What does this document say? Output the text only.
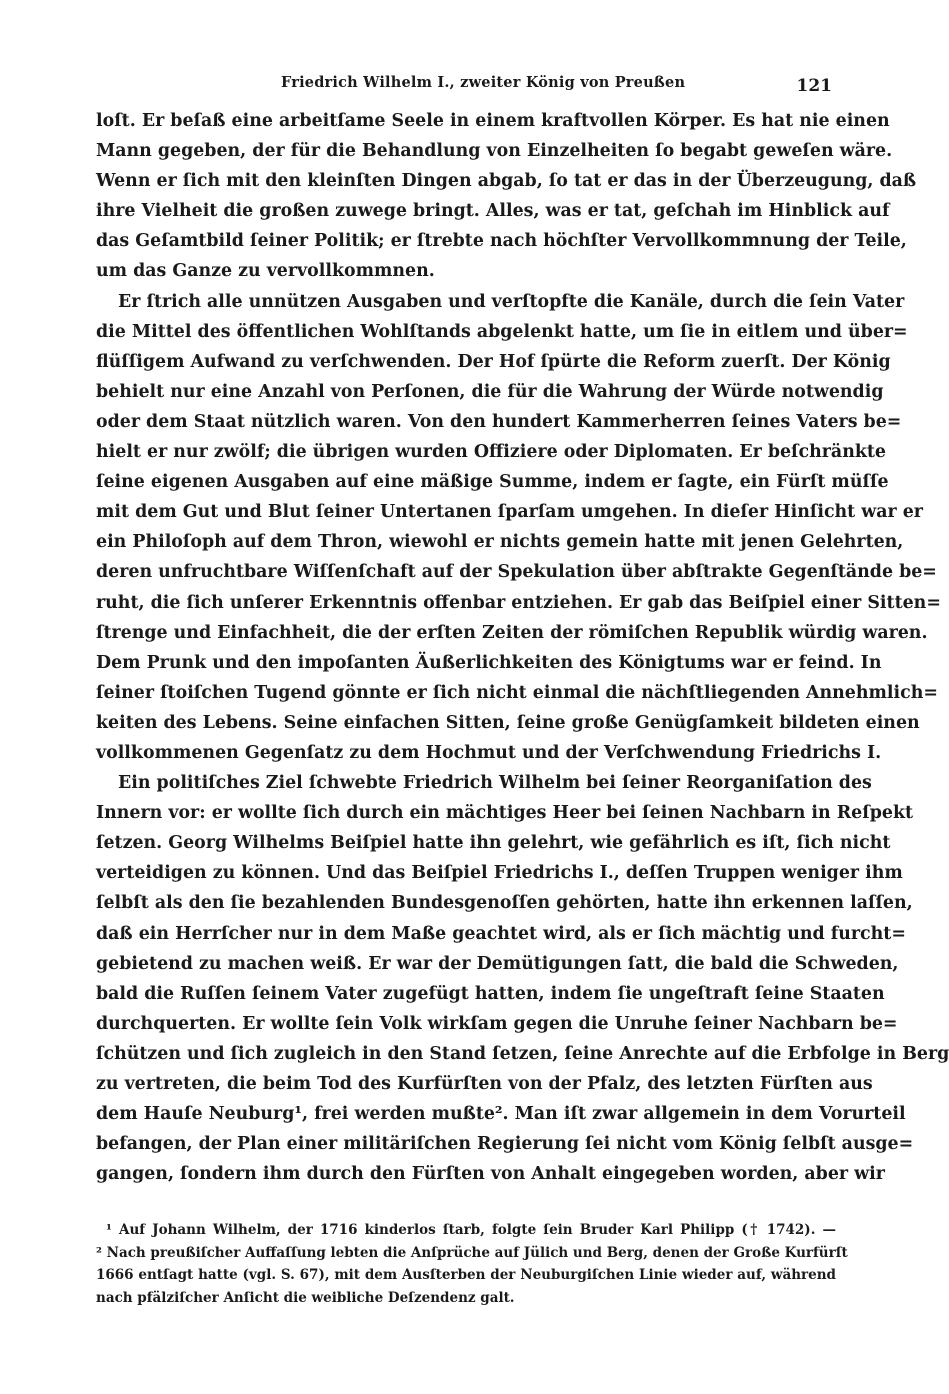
Friedrich Wilhelm I., zweiter König von Preußen	121
loſt. Er beſaß eine arbeitſame Seele in einem kraftvollen Körper. Es hat nie einen
Mann gegeben, der für die Behandlung von Einzelheiten ſo begabt geweſen wäre.
Wenn er ſich mit den kleinſten Dingen abgab, ſo tat er das in der Überzeugung, daß
ihre Vielheit die großen zuwege bringt. Alles, was er tat, geſchah im Hinblick auf
das Geſamtbild ſeiner Politik; er ſtrebte nach höchſter Vervollkommnung der Teile,
um das Ganze zu vervollkommnen.
Er ſtrich alle unnützen Ausgaben und verſtopfte die Kanäle, durch die ſein Vater
die Mittel des öffentlichen Wohlſtands abgelenkt hatte, um ſie in eitlem und über=
flüſſigem Aufwand zu verſchwenden. Der Hof ſpürte die Reform zuerſt. Der König
behielt nur eine Anzahl von Perſonen, die für die Wahrung der Würde notwendig
oder dem Staat nützlich waren. Von den hundert Kammerherren ſeines Vaters be=
hielt er nur zwölf; die übrigen wurden Offiziere oder Diplomaten. Er beſchränkte
ſeine eigenen Ausgaben auf eine mäßige Summe, indem er ſagte, ein Fürſt müſſe
mit dem Gut und Blut ſeiner Untertanen ſparſam umgehen. In dieſer Hinſicht war er
ein Philoſoph auf dem Thron, wiewohl er nichts gemein hatte mit jenen Gelehrten,
deren unfruchtbare Wiſſenſchaft auf der Spekulation über abſtrakte Gegenſtände be=
ruht, die ſich unſerer Erkenntnis offenbar entziehen. Er gab das Beiſpiel einer Sitten=
ſtrenge und Einfachheit, die der erſten Zeiten der römiſchen Republik würdig waren.
Dem Prunk und den impoſanten Äußerlichkeiten des Königtums war er feind. In
ſeiner ſtoiſchen Tugend gönnte er ſich nicht einmal die nächſtliegenden Annehmlich=
keiten des Lebens. Seine einfachen Sitten, ſeine große Genügſamkeit bildeten einen
vollkommenen Gegenſatz zu dem Hochmut und der Verſchwendung Friedrichs I.
Ein politiſches Ziel ſchwebte Friedrich Wilhelm bei ſeiner Reorganiſation des
Innern vor: er wollte ſich durch ein mächtiges Heer bei ſeinen Nachbarn in Reſpekt
ſetzen. Georg Wilhelms Beiſpiel hatte ihn gelehrt, wie gefährlich es iſt, ſich nicht
verteidigen zu können. Und das Beiſpiel Friedrichs I., deſſen Truppen weniger ihm
ſelbſt als den ſie bezahlenden Bundesgenoſſen gehörten, hatte ihn erkennen laſſen,
daß ein Herrſcher nur in dem Maße geachtet wird, als er ſich mächtig und furcht=
gebietend zu machen weiß. Er war der Demütigungen ſatt, die bald die Schweden,
bald die Ruſſen ſeinem Vater zugefügt hatten, indem ſie ungeſtraft ſeine Staaten
durchquerten. Er wollte ſein Volk wirkſam gegen die Unruhe ſeiner Nachbarn be=
ſchützen und ſich zugleich in den Stand ſetzen, ſeine Anrechte auf die Erbfolge in Berg
zu vertreten, die beim Tod des Kurfürſten von der Pfalz, des letzten Fürſten aus
dem Hauſe Neuburg¹, frei werden mußte². Man iſt zwar allgemein in dem Vorurteil
befangen, der Plan einer militäriſchen Regierung ſei nicht vom König ſelbſt ausge=
gangen, ſondern ihm durch den Fürſten von Anhalt eingegeben worden, aber wir
¹ Auf Johann Wilhelm, der 1716 kinderlos ſtarb, folgte ſein Bruder Karl Philipp († 1742). —
² Nach preußiſcher Auffaſſung lebten die Anſprüche auf Jülich und Berg, denen der Große Kurfürſt
1666 entſagt hatte (vgl. S. 67), mit dem Ausſterben der Neuburgiſchen Linie wieder auf, während
nach pfälziſcher Anſicht die weibliche Deſzendenz galt.
